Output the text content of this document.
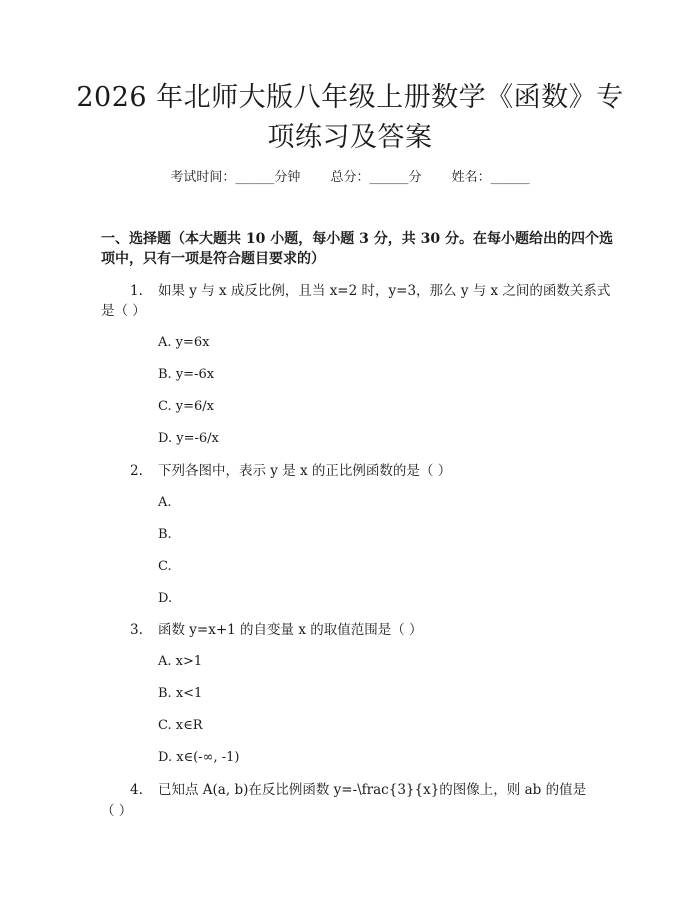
2026 年北师大版八年级上册数学《函数》专
项练习及答案
考试时间：______分钟 总分：______分 姓名：______
一、选择题（本大题共 10 小题，每小题 3 分，共 30 分。在每小题给出的四个选
项中，只有一项是符合题目要求的）
1. 如果 y 与 x 成反比例，且当 x=2 时，y=3，那么 y 与 x 之间的函数关系式
是（ ）
A. y=6x
B. y=-6x
C. y=6/x
D. y=-6/x
2. 下列各图中，表示 y 是 x 的正比例函数的是（ ）
A.
B.
C.
D.
3. 函数 y=x+1 的自变量 x 的取值范围是（ ）
A. x>1
B. x<1
C. x∈R
D. x∈(-∞, -1)
4. 已知点 A(a, b)在反比例函数 y=-\frac{3}{x}的图像上，则 ab 的值是
（ ）
